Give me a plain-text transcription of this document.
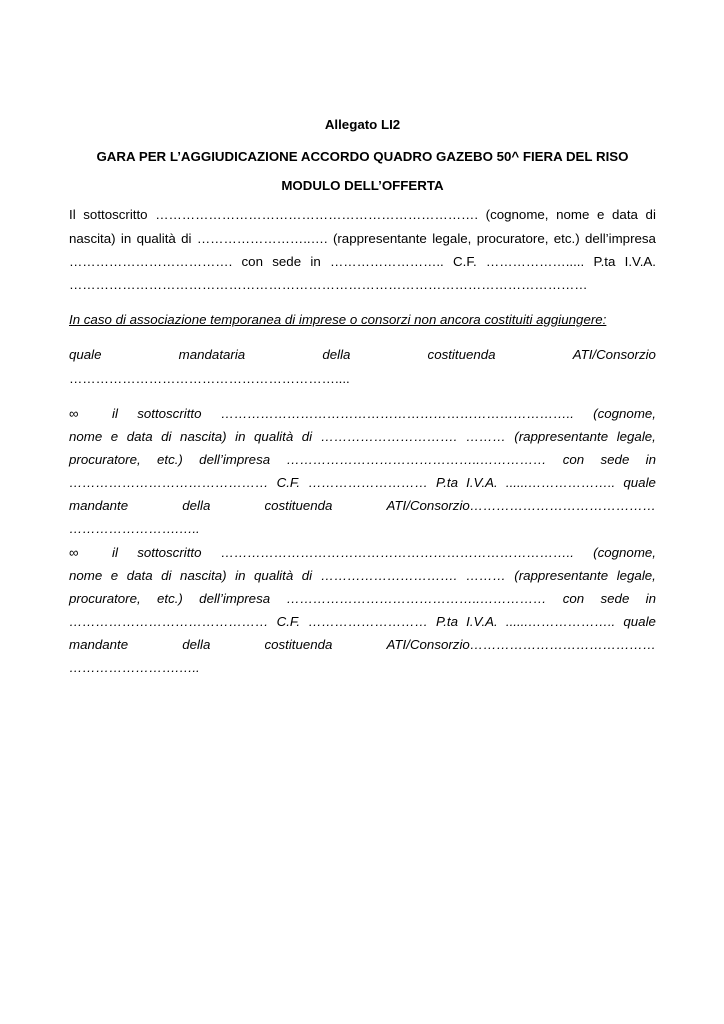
Allegato LI2
GARA PER L’AGGIUDICAZIONE ACCORDO QUADRO GAZEBO 50^ FIERA DEL RISO
MODULO DELL’OFFERTA
Il sottoscritto ………………………………………………………………. (cognome, nome e data di
nascita) in qualità di ……………………..…. (rappresentante legale, procuratore, etc.) dell’impresa
………………………………. con sede in …………………….. C.F. ………………..... P.ta I.V.A.
………………………………………………………………………………………………………
In caso di associazione temporanea di imprese o consorzi non ancora costituiti aggiungere:
quale	mandataria	della	costituenda	ATI/Consorzio
……………………………………………………....
∞	il sottoscritto …………………………………………………………………….. (cognome,
nome e data di nascita) in qualità di …………………………. ……… (rappresentante legale,
procuratore, etc.) dell’impresa ……………………………………..…………… con sede in
……………………………………… C.F. ……………………… P.ta I.V.A. ......……………….. quale
mandante	della	costituenda	ATI/Consorzio……………………………………
…………………….…..
∞	il sottoscritto …………………………………………………………………….. (cognome,
nome e data di nascita) in qualità di …………………………. ……… (rappresentante legale,
procuratore, etc.) dell’impresa ……………………………………..…………… con sede in
……………………………………… C.F. ……………………… P.ta I.V.A. ......……………….. quale
mandante	della	costituenda	ATI/Consorzio……………………………………
…………………….…..
